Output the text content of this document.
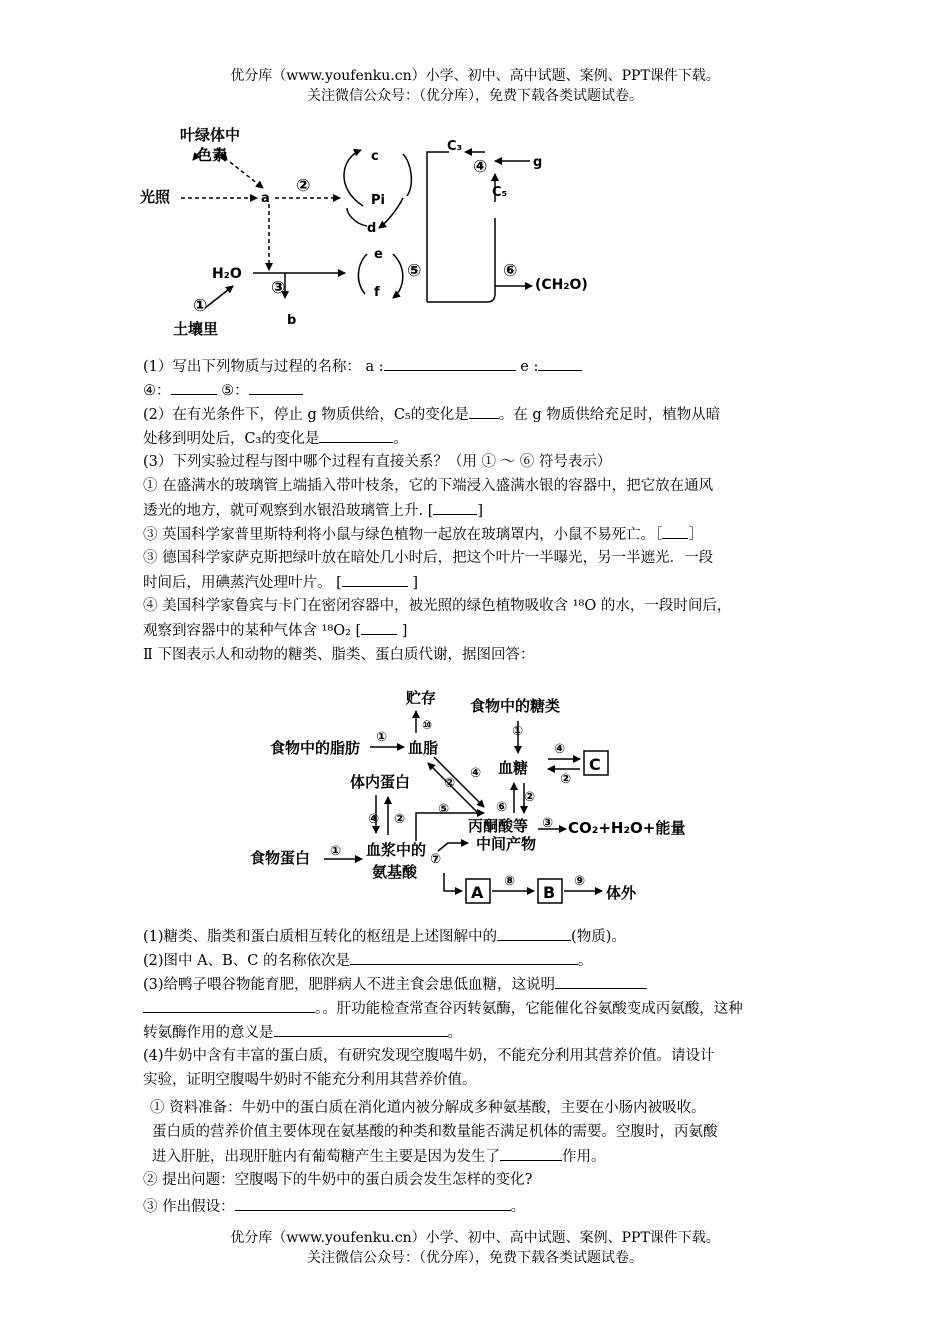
优分库（www.youfenku.cn）小学、初中、高中试题、案例、PPT课件下载。
关注微信公众号：（优分库），免费下载各类试题试卷。
叶绿体中
色素
光照	a
②
c
Pi
d
e
f
⑤
C₃
④	g
C₅
⑥
(CH₂O)
H₂O
③
b
①
土壤里
(1）写出下列物质与过程的名称： a :	e :
④：	⑤：
(2）在有光条件下，停止 g 物质供给，C₅的变化是 。在 g 物质供给充足时，植物从暗
处移到明处后，C₃的变化是	。
(3）下列实验过程与图中哪个过程有直接关系？（用 ① ～ ⑥ 符号表示）
① 在盛满水的玻璃管上端插入带叶枝条，它的下端浸入盛满水银的容器中，把它放在通风
透光的地方，就可观察到水银沿玻璃管上升. [	]
③ 英国科学家普里斯特利将小鼠与绿色植物一起放在玻璃罩内，小鼠不易死亡。［ ］
③ 德国科学家萨克斯把绿叶放在暗处几小时后，把这个叶片一半曝光，另一半遮光．一段
时间后，用碘蒸汽处理叶片。 [	]
④ 美国科学家鲁宾与卡门在密闭容器中，被光照的绿色植物吸收含 ¹⁸O 的水，一段时间后，
观察到容器中的某种气体含 ¹⁸O₂ [ ]
Ⅱ 下图表示人和动物的糖类、脂类、蛋白质代谢，据图回答：
贮存 食物中的糖类
食物中的脂肪	血脂
血糖	C
体内蛋白
丙酮酸等
中间产物
CO₂+H₂O+能量
食物蛋白	血浆中的
氨基酸
A	B	体外
⑩
①	①
④
②
④
②
⑥
②
③
⑤
④ ②
①
⑦
⑧	⑨
(1)糖类、脂类和蛋白质相互转化的枢纽是上述图解中的	(物质)。
(2)图中 A、B、C 的名称依次是	。
(3)给鸭子喂谷物能育肥，肥胖病人不进主食会患低血糖，这说明
。。肝功能检查常查谷丙转氨酶，它能催化谷氨酸变成丙氨酸，这种
转氨酶作用的意义是	。
(4)牛奶中含有丰富的蛋白质，有研究发现空腹喝牛奶，不能充分利用其营养价值。请设计
实验，证明空腹喝牛奶时不能充分利用其营养价值。
① 资料准备：牛奶中的蛋白质在消化道内被分解成多种氨基酸，主要在小肠内被吸收。
蛋白质的营养价值主要体现在氨基酸的种类和数量能否满足机体的需要。空腹时，丙氨酸
进入肝脏，出现肝脏内有葡萄糖产生主要是因为发生了	作用。
② 提出问题：空腹喝下的牛奶中的蛋白质会发生怎样的变化?
③ 作出假设：	。
优分库（www.youfenku.cn）小学、初中、高中试题、案例、PPT课件下载。
关注微信公众号：（优分库），免费下载各类试题试卷。
